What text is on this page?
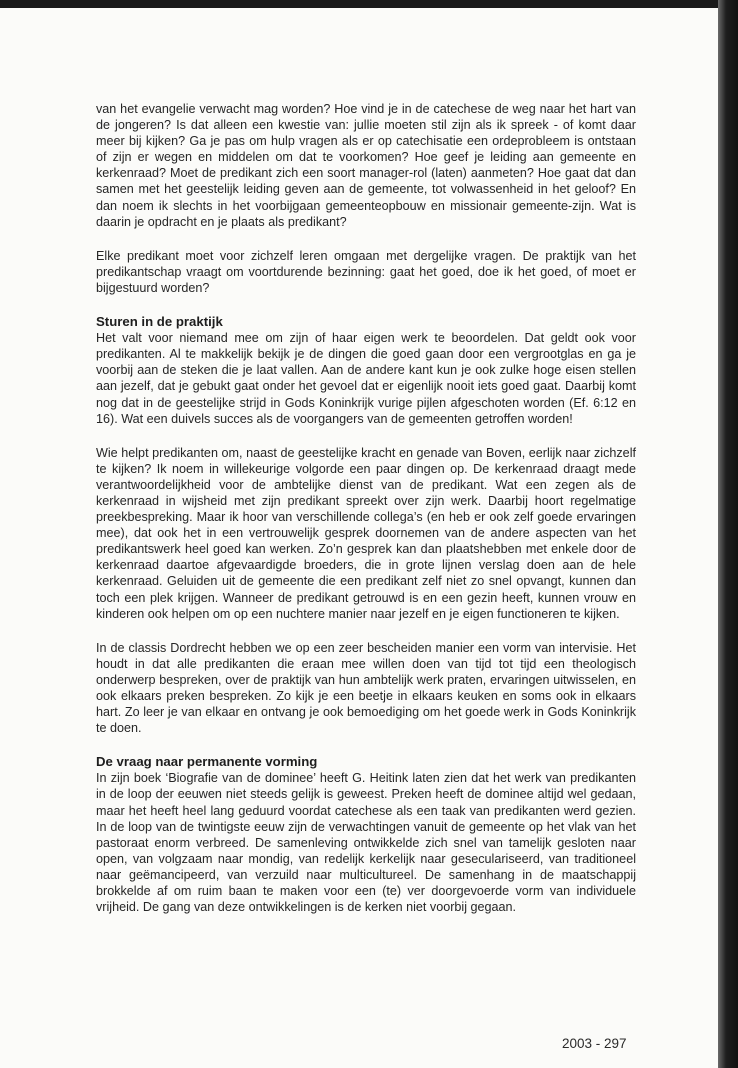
van het evangelie verwacht mag worden? Hoe vind je in de catechese de weg naar het hart van de jongeren? Is dat alleen een kwestie van: jullie moeten stil zijn als ik spreek - of komt daar meer bij kijken? Ga je pas om hulp vragen als er op catechisatie een ordeprobleem is ontstaan of zijn er wegen en middelen om dat te voorkomen? Hoe geef je leiding aan gemeente en kerkenraad? Moet de predikant zich een soort manager-rol (laten) aanmeten? Hoe gaat dat dan samen met het geestelijk leiding geven aan de gemeente, tot volwassenheid in het geloof? En dan noem ik slechts in het voorbijgaan gemeenteopbouw en missionair gemeente-zijn. Wat is daarin je opdracht en je plaats als predikant?

Elke predikant moet voor zichzelf leren omgaan met dergelijke vragen. De praktijk van het predikantschap vraagt om voortdurende bezinning: gaat het goed, doe ik het goed, of moet er bijgestuurd worden?

Sturen in de praktijk

Het valt voor niemand mee om zijn of haar eigen werk te beoordelen. Dat geldt ook voor predikanten. Al te makkelijk bekijk je de dingen die goed gaan door een vergrootglas en ga je voorbij aan de steken die je laat vallen. Aan de andere kant kun je ook zulke hoge eisen stellen aan jezelf, dat je gebukt gaat onder het gevoel dat er eigenlijk nooit iets goed gaat. Daarbij komt nog dat in de geestelijke strijd in Gods Koninkrijk vurige pijlen afgeschoten worden (Ef. 6:12 en 16). Wat een duivels succes als de voorgangers van de gemeenten getroffen worden!

Wie helpt predikanten om, naast de geestelijke kracht en genade van Boven, eerlijk naar zichzelf te kijken? Ik noem in willekeurige volgorde een paar dingen op. De kerkenraad draagt mede verantwoordelijkheid voor de ambtelijke dienst van de predikant. Wat een zegen als de kerkenraad in wijsheid met zijn predikant spreekt over zijn werk. Daarbij hoort regelmatige preekbespreking. Maar ik hoor van verschillende collega’s (en heb er ook zelf goede ervaringen mee), dat ook het in een vertrouwelijk gesprek doornemen van de andere aspecten van het predikantswerk heel goed kan werken. Zo’n gesprek kan dan plaatshebben met enkele door de kerkenraad daartoe afgevaardigde broeders, die in grote lijnen verslag doen aan de hele kerkenraad. Geluiden uit de gemeente die een predikant zelf niet zo snel opvangt, kunnen dan toch een plek krijgen. Wanneer de predikant getrouwd is en een gezin heeft, kunnen vrouw en kinderen ook helpen om op een nuchtere manier naar jezelf en je eigen functioneren te kijken.

In de classis Dordrecht hebben we op een zeer bescheiden manier een vorm van intervisie. Het houdt in dat alle predikanten die eraan mee willen doen van tijd tot tijd een theologisch onderwerp bespreken, over de praktijk van hun ambtelijk werk praten, ervaringen uitwisselen, en ook elkaars preken bespreken. Zo kijk je een beetje in elkaars keuken en soms ook in elkaars hart. Zo leer je van elkaar en ontvang je ook bemoediging om het goede werk in Gods Koninkrijk te doen.

De vraag naar permanente vorming

In zijn boek ‘Biografie van de dominee’ heeft G. Heitink laten zien dat het werk van predikanten in de loop der eeuwen niet steeds gelijk is geweest. Preken heeft de dominee altijd wel gedaan, maar het heeft heel lang geduurd voordat catechese als een taak van predikanten werd gezien. In de loop van de twintigste eeuw zijn de verwachtingen vanuit de gemeente op het vlak van het pastoraat enorm verbreed. De samenleving ontwikkelde zich snel van tamelijk gesloten naar open, van volgzaam naar mondig, van redelijk kerkelijk naar geseculariseerd, van traditioneel naar geëmancipeerd, van verzuild naar multicultureel. De samenhang in de maatschappij brokkelde af om ruim baan te maken voor een (te) ver doorgevoerde vorm van individuele vrijheid. De gang van deze ontwikkelingen is de kerken niet voorbij gegaan.

2003 - 297
